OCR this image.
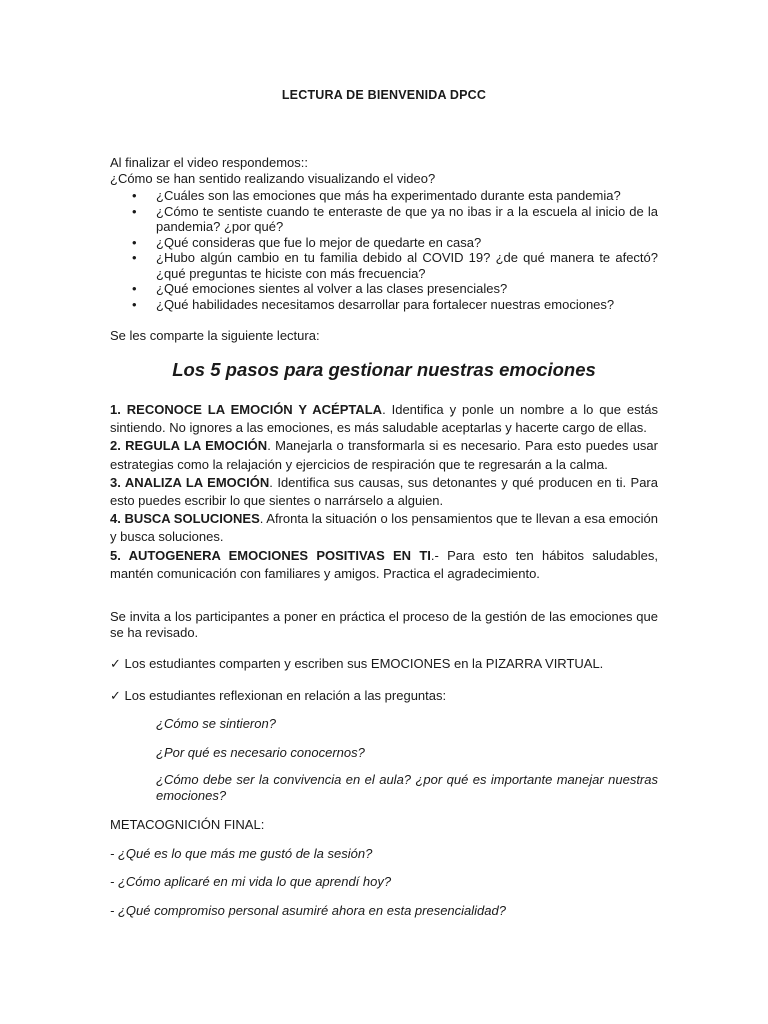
LECTURA DE BIENVENIDA DPCC
Al finalizar el video respondemos::
¿Cómo se han sentido realizando visualizando el video?
• ¿Cuáles son las emociones que más ha experimentado durante esta pandemia?
• ¿Cómo te sentiste cuando te enteraste de que ya no ibas ir a la escuela al inicio de la pandemia? ¿por qué?
• ¿Qué consideras que fue lo mejor de quedarte en casa?
• ¿Hubo algún cambio en tu familia debido al COVID 19? ¿de qué manera te afectó? ¿qué preguntas te hiciste con más frecuencia?
• ¿Qué emociones sientes al volver a las clases presenciales?
• ¿Qué habilidades necesitamos desarrollar para fortalecer nuestras emociones?
Se les comparte la siguiente lectura:
Los 5 pasos para gestionar nuestras emociones

1. RECONOCE LA EMOCIÓN Y ACÉPTALA. Identifica y ponle un nombre a lo que estás sintiendo. No ignores a las emociones, es más saludable aceptarlas y hacerte cargo de ellas.

2. REGULA LA EMOCIÓN. Manejarla o transformarla si es necesario. Para esto puedes usar estrategias como la relajación y ejercicios de respiración que te regresarán a la calma.

3. ANALIZA LA EMOCIÓN. Identifica sus causas, sus detonantes y qué producen en ti. Para esto puedes escribir lo que sientes o narrárselo a alguien.

4. BUSCA SOLUCIONES. Afronta la situación o los pensamientos que te llevan a esa emoción y busca soluciones.

5. AUTOGENERA EMOCIONES POSITIVAS EN TI.- Para esto ten hábitos saludables, mantén comunicación con familiares y amigos. Practica el agradecimiento.

Se invita a los participantes a poner en práctica el proceso de la gestión de las emociones que se ha revisado.
✓ Los estudiantes comparten y escriben sus EMOCIONES en la PIZARRA VIRTUAL.
✓ Los estudiantes reflexionan en relación a las preguntas:
¿Cómo se sintieron?
¿Por qué es necesario conocernos?
¿Cómo debe ser la convivencia en el aula? ¿por qué es importante manejar nuestras emociones?
METACOGNICIÓN FINAL:
- ¿Qué es lo que más me gustó de la sesión?
- ¿Cómo aplicaré en mi vida lo que aprendí hoy?
- ¿Qué compromiso personal asumiré ahora en esta presencialidad?
